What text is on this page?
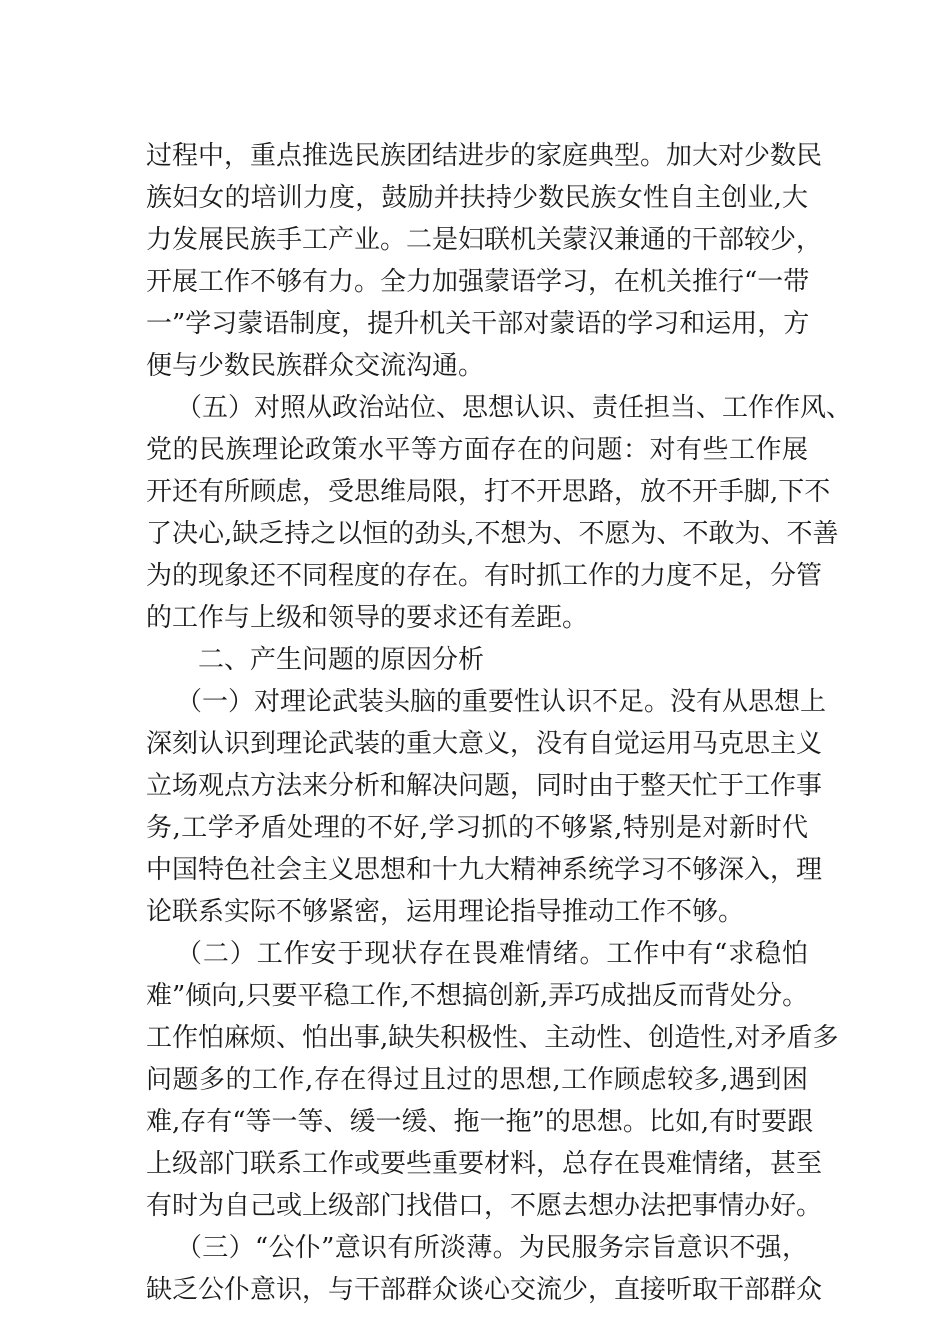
过程中，重点推选民族团结进步的家庭典型。加大对少数民
族妇女的培训力度，鼓励并扶持少数民族女性自主创业,大
力发展民族手工产业。二是妇联机关蒙汉兼通的干部较少，
开展工作不够有力。全力加强蒙语学习，在机关推行“一带
一”学习蒙语制度，提升机关干部对蒙语的学习和运用，方
便与少数民族群众交流沟通。
（五）对照从政治站位、思想认识、责任担当、工作作风、
党的民族理论政策水平等方面存在的问题：对有些工作展
开还有所顾虑，受思维局限，打不开思路，放不开手脚,下不
了决心,缺乏持之以恒的劲头,不想为、不愿为、不敢为、不善
为的现象还不同程度的存在。有时抓工作的力度不足，分管
的工作与上级和领导的要求还有差距。
二、产生问题的原因分析
（一）对理论武装头脑的重要性认识不足。没有从思想上
深刻认识到理论武装的重大意义，没有自觉运用马克思主义
立场观点方法来分析和解决问题，同时由于整天忙于工作事
务,工学矛盾处理的不好,学习抓的不够紧,特别是对新时代
中国特色社会主义思想和十九大精神系统学习不够深入，理
论联系实际不够紧密，运用理论指导推动工作不够。
（二）工作安于现状存在畏难情绪。工作中有“求稳怕
难”倾向,只要平稳工作,不想搞创新,弄巧成拙反而背处分。
工作怕麻烦、怕出事,缺失积极性、主动性、创造性,对矛盾多
问题多的工作,存在得过且过的思想,工作顾虑较多,遇到困
难,存有“等一等、缓一缓、拖一拖”的思想。比如,有时要跟
上级部门联系工作或要些重要材料，总存在畏难情绪，甚至
有时为自己或上级部门找借口，不愿去想办法把事情办好。
（三）“公仆”意识有所淡薄。为民服务宗旨意识不强，
缺乏公仆意识，与干部群众谈心交流少，直接听取干部群众
